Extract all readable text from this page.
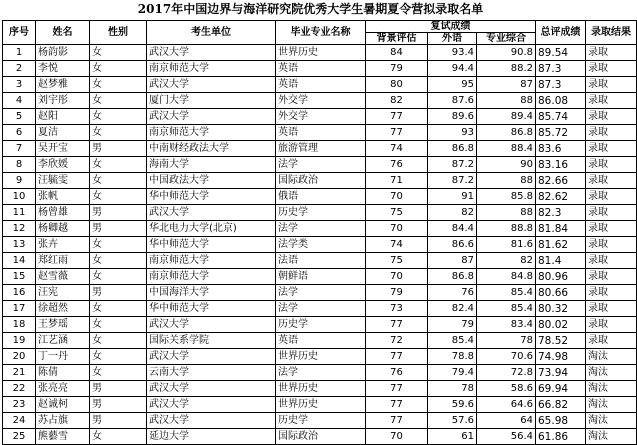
2017年中国边界与海洋研究院优秀大学生暑期夏令营拟录取名单
序号	姓名	性别	考生单位	毕业专业名称	复试成绩			总评成绩	录取结果
					背景评估	外语	专业综合		
1	杨韵影	女	武汉大学	世界历史	84	93.4	90.8	89.54	录取
2	李悦	女	南京师范大学	英语	79	94.4	88.2	87.3	录取
3	赵梦雅	女	武汉大学	英语	80	95	87	87.3	录取
4	刘宇彤	女	厦门大学	外交学	82	87.6	88	86.08	录取
5	赵阳	女	武汉大学	外交学	77	89.6	89.4	85.74	录取
6	夏洁	女	南京师范大学	英语	77	93	86.8	85.72	录取
7	吴开宝	男	中南财经政法大学	旅游管理	74	86.8	88.4	83.6	录取
8	李欣媛	女	海南大学	法学	76	87.2	90	83.16	录取
9	汪毓雯	女	中国政法大学	国际政治	71	87.2	88	82.66	录取
10	张帆	女	华中师范大学	俄语	70	91	85.8	82.62	录取
11	杨曾雄	男	武汉大学	历史学	75	82	88	82.3	录取
12	杨卿越	男	华北电力大学(北京)	法学	70	84.4	88.8	81.84	录取
13	张卉	女	华中师范大学	法学类	74	86.6	81.6	81.62	录取
14	郑红雨	女	南京师范大学	法语	75	87	82	81.4	录取
15	赵雪薇	女	南京师范大学	朝鲜语	70	86.8	84.8	80.96	录取
16	汪宪	男	中国海洋大学	法学	79	76	85.4	80.66	录取
17	徐超然	女	华中师范大学	法学	73	82.4	85.4	80.32	录取
18	王梦瑶	女	武汉大学	历史学	77	79	83.4	80.02	录取
19	江艺涵	女	国际关系学院	英语	72	85.4	78	78.52	录取
20	丁一丹	女	武汉大学	世界历史	77	78.8	70.6	74.98	淘汰
21	陈倩	女	云南大学	法学	76	79.4	72.8	73.94	淘汰
22	张亮亮	男	武汉大学	世界历史	77	78	58.6	69.94	淘汰
23	赵诚柯	男	武汉大学	世界历史	77	59.6	64.6	66.82	淘汰
24	苏占旗	男	武汉大学	历史学	77	57.6	64	65.98	淘汰
25	熊藝雪	女	延边大学	国际政治	70	61	56.4	61.86	淘汰
